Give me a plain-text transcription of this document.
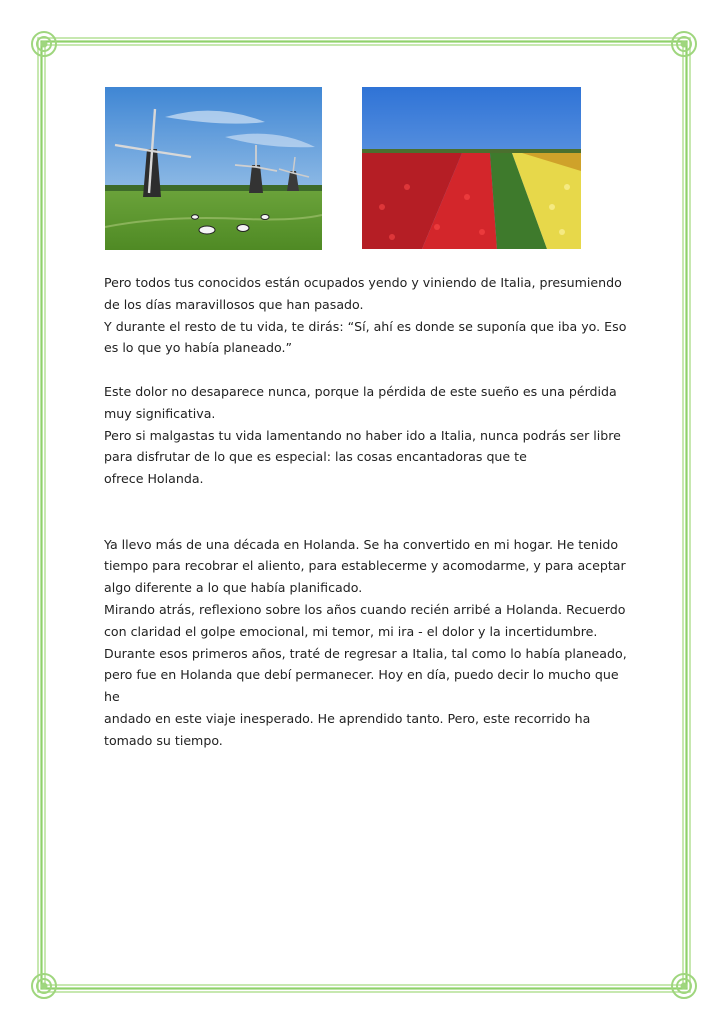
Pero todos tus conocidos están ocupados yendo y viniendo de Italia, presumiendo
de los días maravillosos que han pasado.
Y durante el resto de tu vida, te dirás: “Sí, ahí es donde se suponía que iba yo. Eso
es lo que yo había planeado.”

Este dolor no desaparece nunca, porque la pérdida de este sueño es una pérdida
muy significativa.
Pero si malgastas tu vida lamentando no haber ido a Italia, nunca podrás ser libre
para disfrutar de lo que es especial: las cosas encantadoras que te
ofrece Holanda.

Ya llevo más de una década en Holanda. Se ha convertido en mi hogar. He tenido
tiempo para recobrar el aliento, para establecerme y acomodarme, y para aceptar
algo diferente a lo que había planificado.
Mirando atrás, reflexiono sobre los años cuando recién arribé a Holanda. Recuerdo
con claridad el golpe emocional, mi temor, mi ira - el dolor y la incertidumbre.
Durante esos primeros años, traté de regresar a Italia, tal como lo había planeado,
pero fue en Holanda que debí permanecer. Hoy en día, puedo decir lo mucho que he
andado en este viaje inesperado. He aprendido tanto. Pero, este recorrido ha
tomado su tiempo.
